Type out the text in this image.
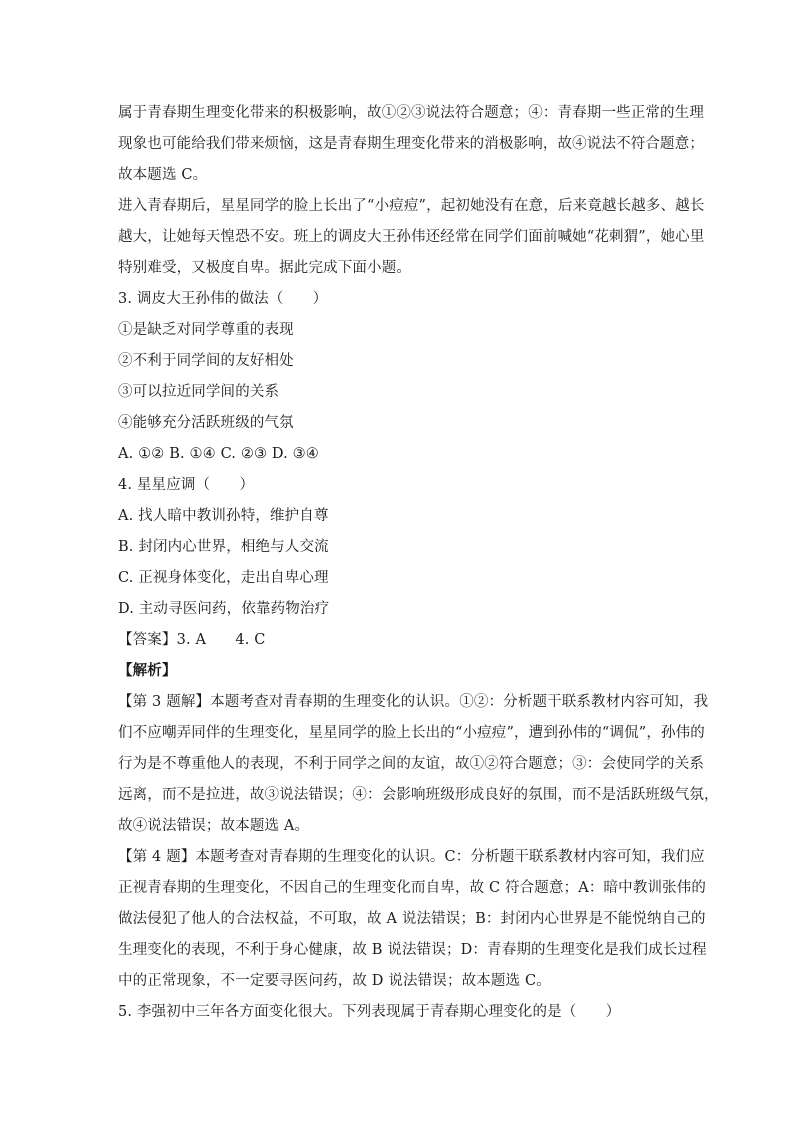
属于青春期生理变化带来的积极影响，故①②③说法符合题意；④：青春期一些正常的生理
现象也可能给我们带来烦恼，这是青春期生理变化带来的消极影响，故④说法不符合题意；
故本题选 C。
进入青春期后，星星同学的脸上长出了“小痘痘”，起初她没有在意，后来竟越长越多、越长
越大，让她每天惶恐不安。班上的调皮大王孙伟还经常在同学们面前喊她“花刺猬”，她心里
特别难受，又极度自卑。据此完成下面小题。
3. 调皮大王孙伟的做法（　　）
①是缺乏对同学尊重的表现
②不利于同学间的友好相处
③可以拉近同学间的关系
④能够充分活跃班级的气氛
A. ①② B. ①④ C. ②③ D. ③④
4. 星星应调（　　）
A. 找人暗中教训孙特，维护自尊
B. 封闭内心世界，相绝与人交流
C. 正视身体变化，走出自卑心理
D. 主动寻医问药，依靠药物治疗
【答案】3. A　　4. C
【解析】
【第 3 题解】本题考查对青春期的生理变化的认识。①②：分析题干联系教材内容可知，我
们不应嘲弄同伴的生理变化，星星同学的脸上长出的“小痘痘”，遭到孙伟的“调侃”，孙伟的
行为是不尊重他人的表现，不利于同学之间的友谊，故①②符合题意；③：会使同学的关系
远离，而不是拉进，故③说法错误；④：会影响班级形成良好的氛围，而不是活跃班级气氛，
故④说法错误；故本题选 A。
【第 4 题】本题考查对青春期的生理变化的认识。C：分析题干联系教材内容可知，我们应
正视青春期的生理变化，不因自己的生理变化而自卑，故 C 符合题意；A：暗中教训张伟的
做法侵犯了他人的合法权益，不可取，故 A 说法错误；B：封闭内心世界是不能悦纳自己的
生理变化的表现，不利于身心健康，故 B 说法错误；D：青春期的生理变化是我们成长过程
中的正常现象，不一定要寻医问药，故 D 说法错误；故本题选 C。
5. 李强初中三年各方面变化很大。下列表现属于青春期心理变化的是（　　）
